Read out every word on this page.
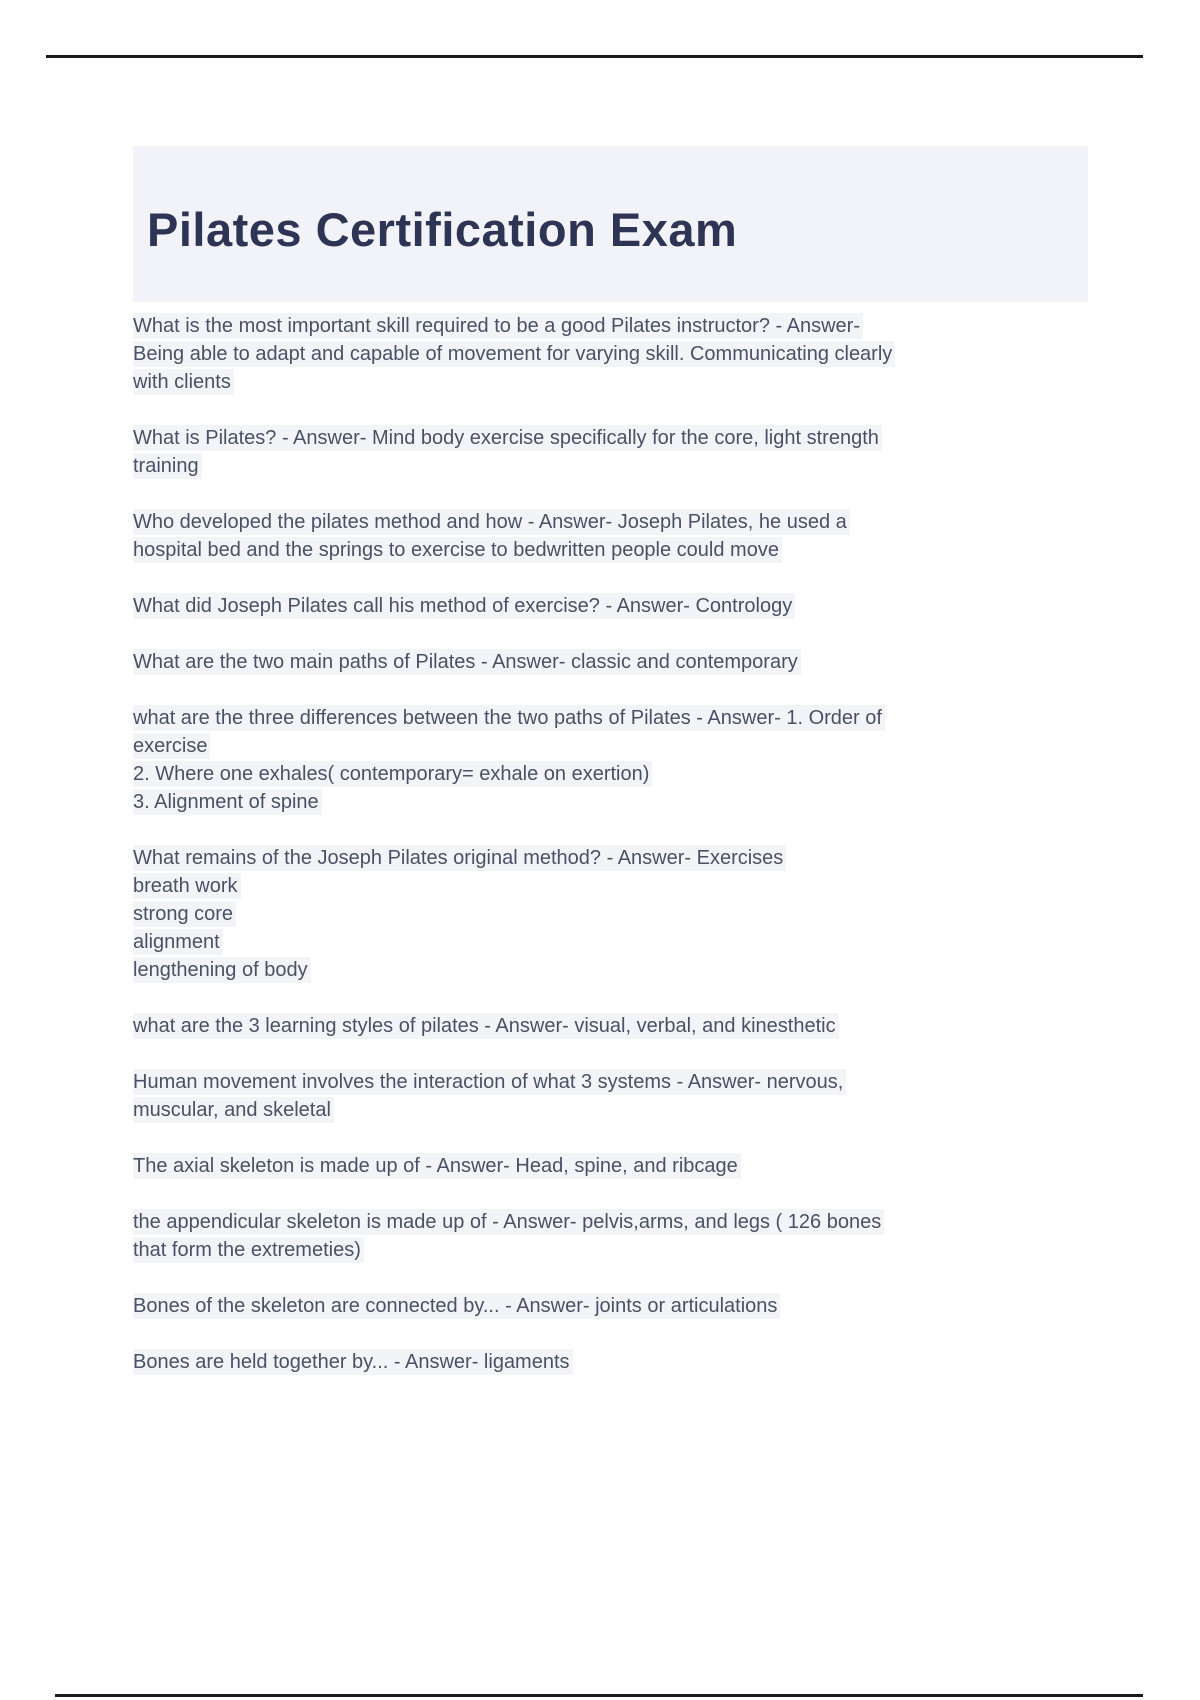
Pilates Certification Exam
What is the most important skill required to be a good Pilates instructor? - Answer-
Being able to adapt and capable of movement for varying skill. Communicating clearly
with clients
What is Pilates? - Answer- Mind body exercise specifically for the core, light strength
training
Who developed the pilates method and how - Answer- Joseph Pilates, he used a
hospital bed and the springs to exercise to bedwritten people could move
What did Joseph Pilates call his method of exercise? - Answer- Contrology
What are the two main paths of Pilates - Answer- classic and contemporary
what are the three differences between the two paths of Pilates - Answer- 1. Order of
exercise
2. Where one exhales( contemporary= exhale on exertion)
3. Alignment of spine
What remains of the Joseph Pilates original method? - Answer- Exercises
breath work
strong core
alignment
lengthening of body
what are the 3 learning styles of pilates - Answer- visual, verbal, and kinesthetic
Human movement involves the interaction of what 3 systems - Answer- nervous,
muscular, and skeletal
The axial skeleton is made up of - Answer- Head, spine, and ribcage
the appendicular skeleton is made up of - Answer- pelvis,arms, and legs ( 126 bones
that form the extremeties)
Bones of the skeleton are connected by... - Answer- joints or articulations
Bones are held together by... - Answer- ligaments
